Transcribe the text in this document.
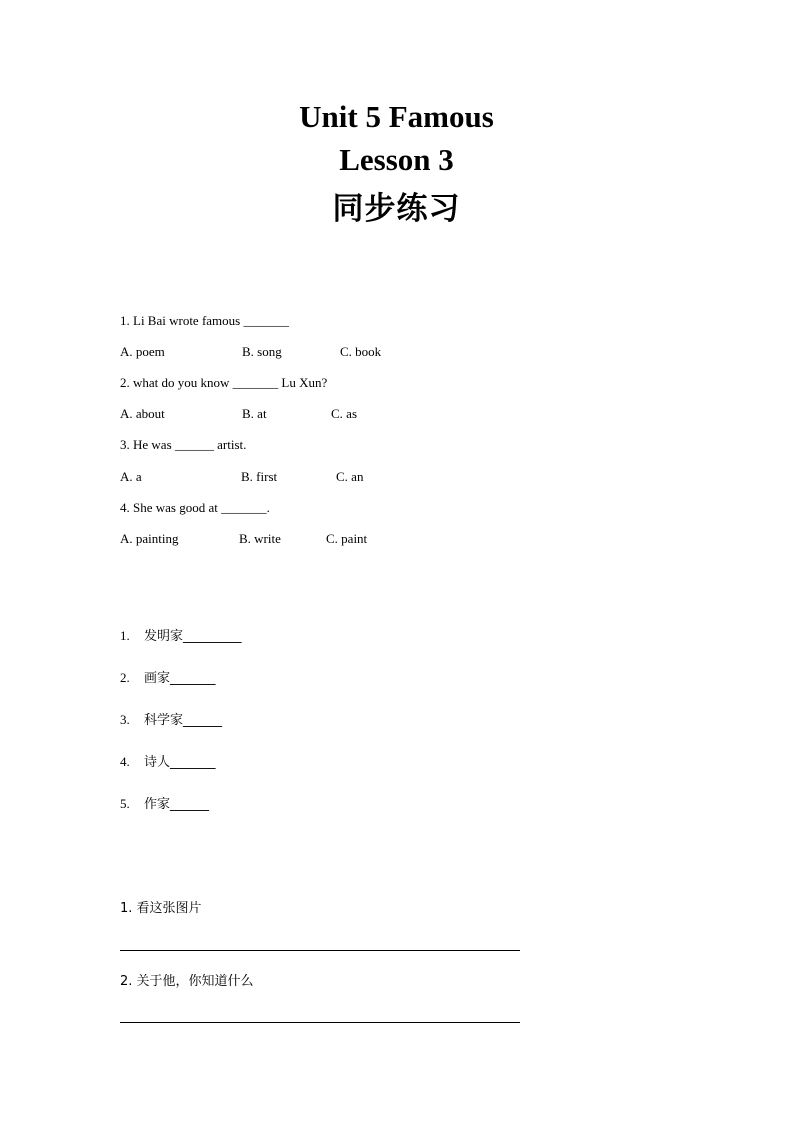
Unit 5 Famous
Lesson 3
同步练习
1. Li Bai wrote famous _______
A. poem	B. song	C. book
2. what do you know _______ Lu Xun?
A. about	B. at	C. as
3. He was ______ artist.
A. a	B. first	C. an
4. She was good at _______.
A. painting	B. write	C. paint
1. 发明家_________
2. 画家_______
3. 科学家______
4. 诗人_______
5. 作家______
1. 看这张图片
2. 关于他，你知道什么
